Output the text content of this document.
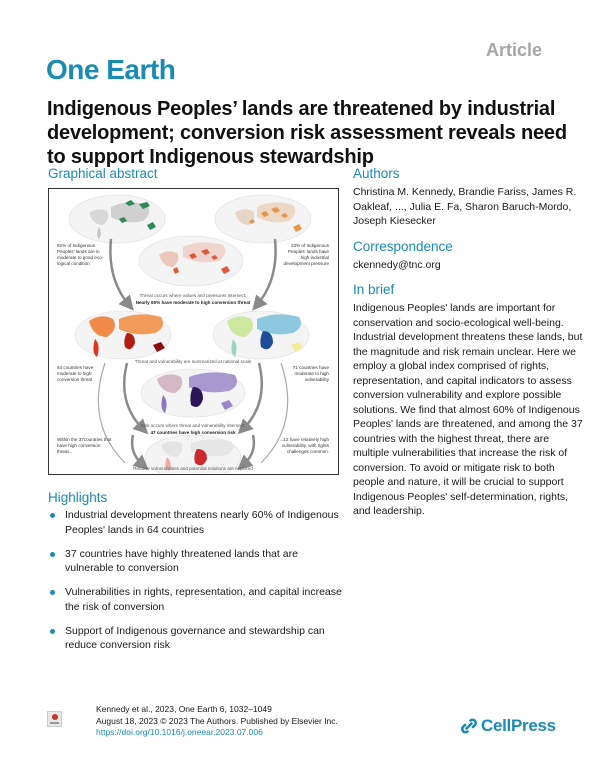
Article
One Earth
Indigenous Peoples’ lands are threatened by industrial development; conversion risk assessment reveals need to support Indigenous stewardship
Graphical abstract
92% of Indigenous Peoples' lands are in moderate to good eco-logical condition
23% of Indigenous Peoples' lands have high industrial development pressure
Threat occurs where values and pressures intersect:
Nearly 60% have moderate to high conversion threat
64 countries have moderate to high conversion threat
71 countries have moderate to high vulnerability
Threat and vulnerability are summarized at national scale
Risk occurs where threat and vulnerability intersect:
47 countries have high conversion risk
Within the 37countries that have high conversion threat...
...12 have relatively high vulnerability, with rights challenges common.
Relative vulnerabilities and potential solutions are explored
Authors
Christina M. Kennedy, Brandie Fariss, James R. Oakleaf, ..., Julia E. Fa, Sharon Baruch-Mordo, Joseph Kiesecker
Correspondence
ckennedy@tnc.org
In brief
Indigenous Peoples' lands are important for conservation and socio-ecological well-being. Industrial development threatens these lands, but the magnitude and risk remain unclear. Here we employ a global index comprised of rights, representation, and capital indicators to assess conversion vulnerability and explore possible solutions. We find that almost 60% of Indigenous Peoples' lands are threatened, and among the 37 countries with the highest threat, there are multiple vulnerabilities that increase the risk of conversion. To avoid or mitigate risk to both people and nature, it will be crucial to support Indigenous Peoples' self-determination, rights, and leadership.
Highlights
Industrial development threatens nearly 60% of Indigenous Peoples' lands in 64 countries
37 countries have highly threatened lands that are vulnerable to conversion
Vulnerabilities in rights, representation, and capital increase the risk of conversion
Support of Indigenous governance and stewardship can reduce conversion risk
Kennedy et al., 2023, One Earth 6, 1032–1049
August 18, 2023 © 2023 The Authors. Published by Elsevier Inc.
https://doi.org/10.1016/j.oneear.2023.07.006	CellPress
